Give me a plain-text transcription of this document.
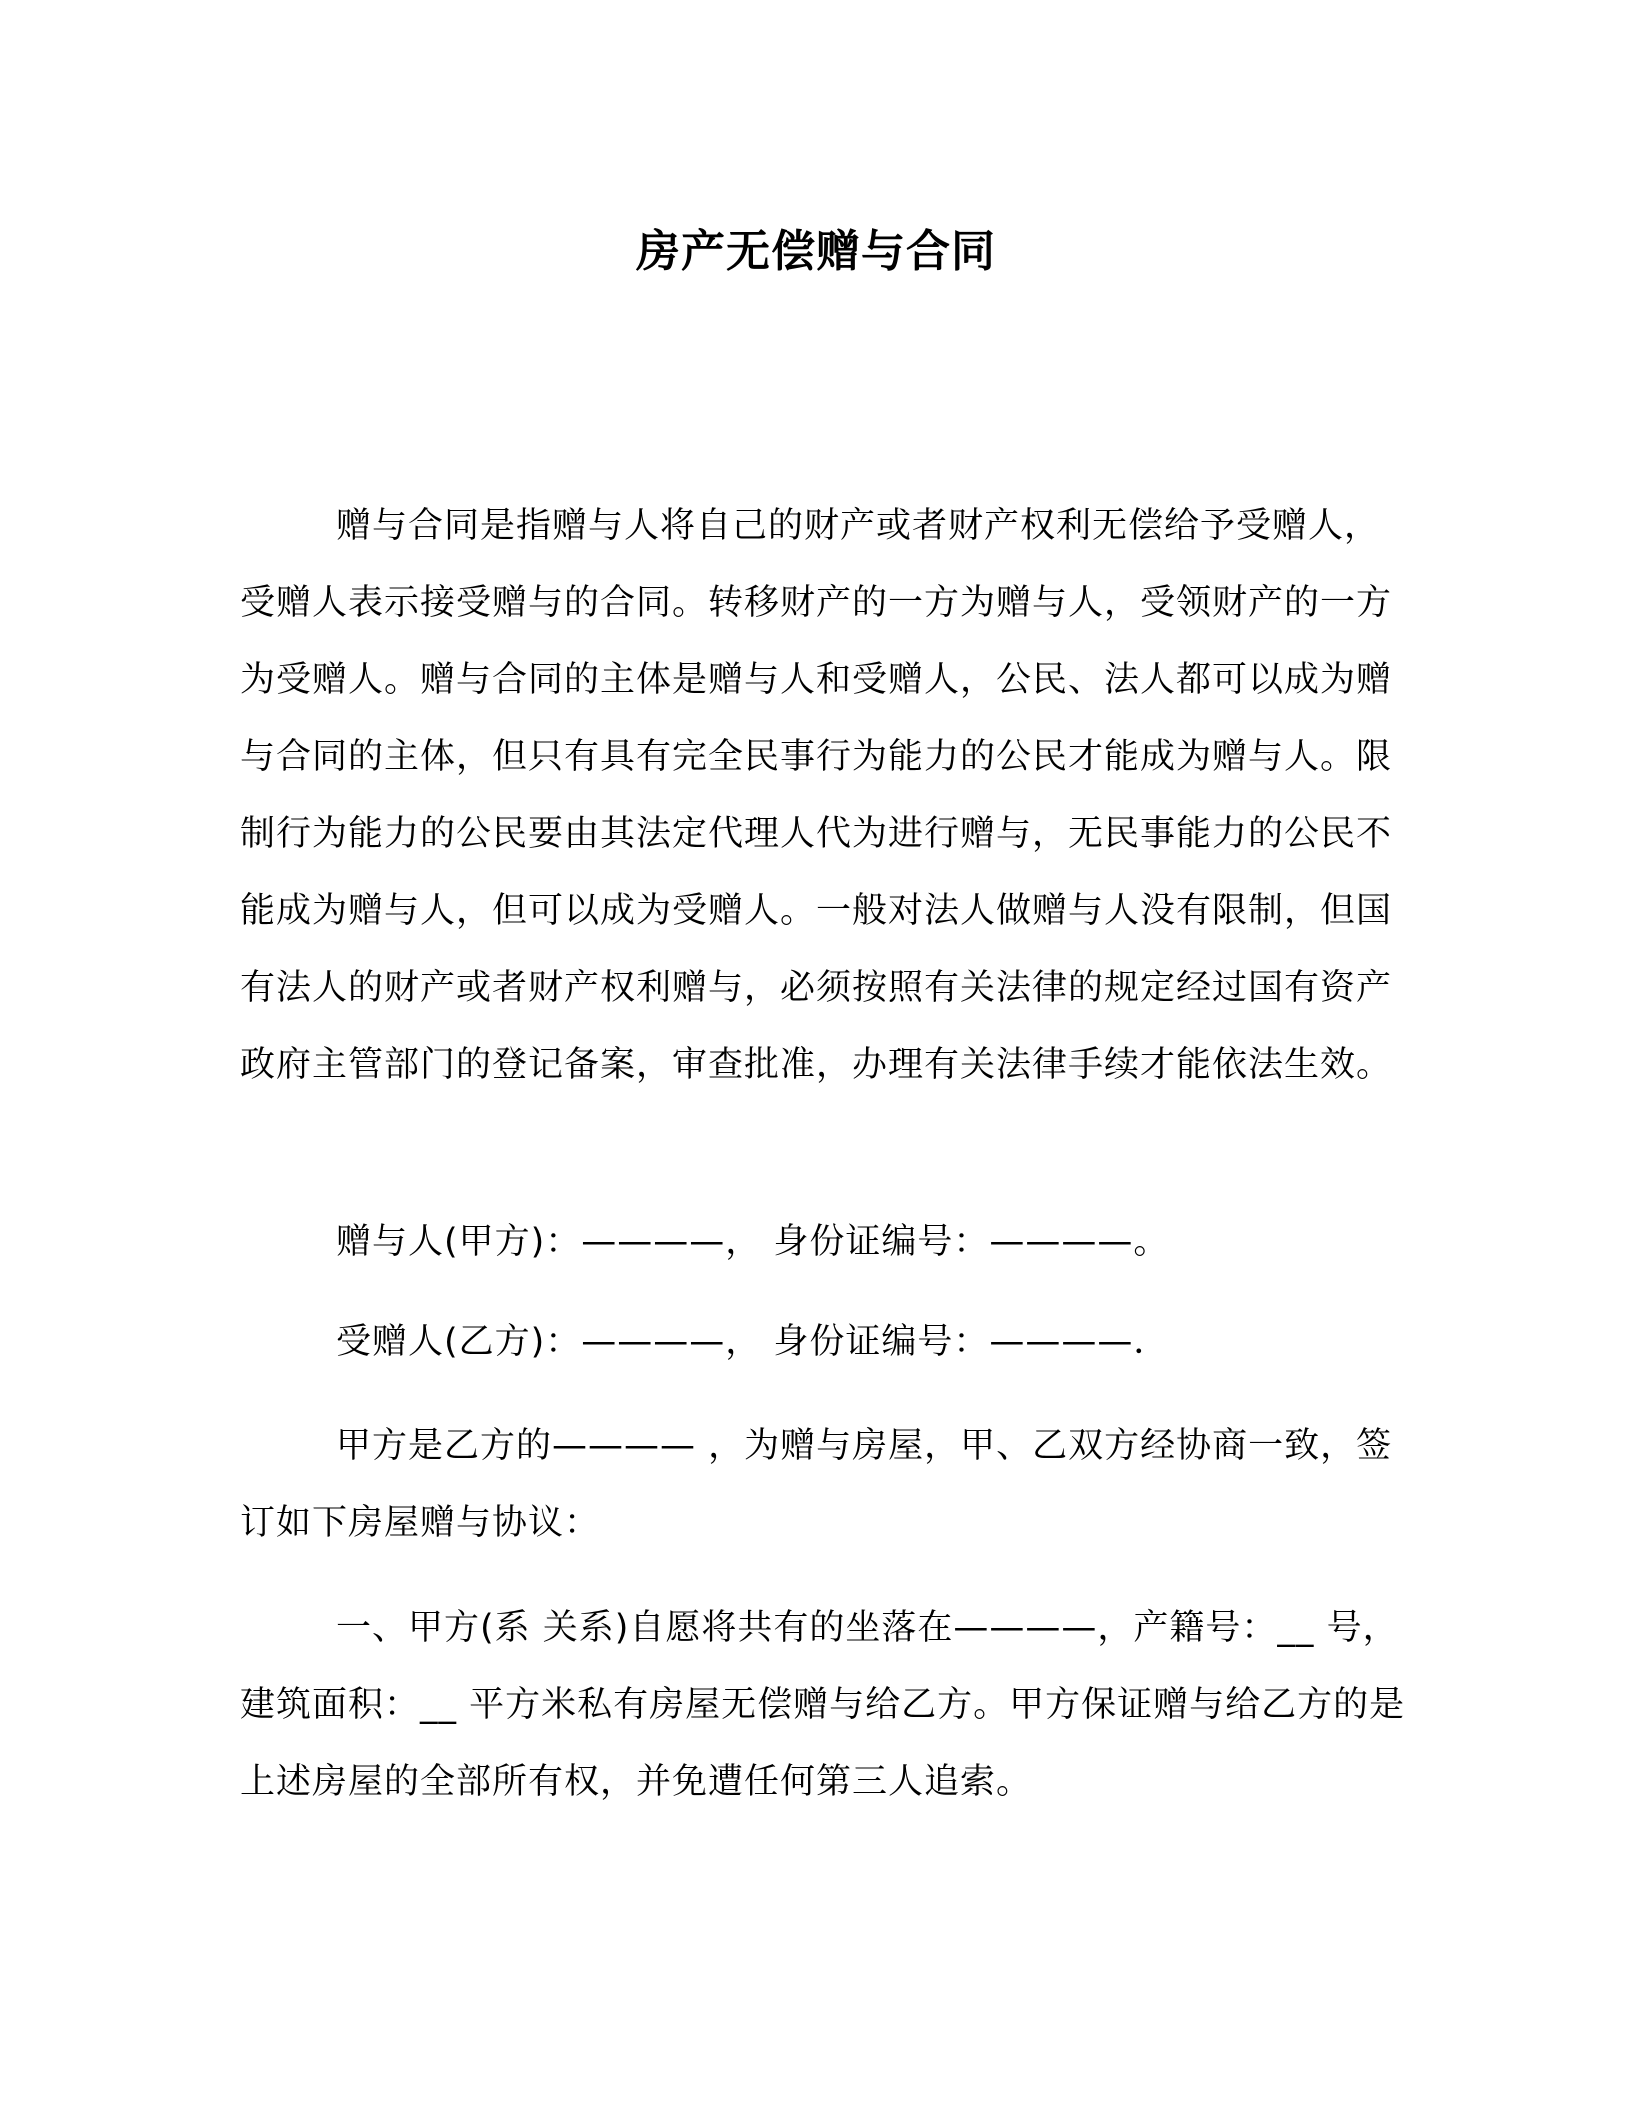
房产无偿赠与合同

赠与合同是指赠与人将自己的财产或者财产权利无偿给予受赠人，受赠人表示接受赠与的合同。转移财产的一方为赠与人，受领财产的一方为受赠人。赠与合同的主体是赠与人和受赠人，公民、法人都可以成为赠与合同的主体，但只有具有完全民事行为能力的公民才能成为赠与人。限制行为能力的公民要由其法定代理人代为进行赠与，无民事能力的公民不能成为赠与人，但可以成为受赠人。一般对法人做赠与人没有限制，但国有法人的财产或者财产权利赠与，必须按照有关法律的规定经过国有资产政府主管部门的登记备案，审查批准，办理有关法律手续才能依法生效。

赠与人(甲方)：————， 身份证编号：————。

受赠人(乙方)：————， 身份证编号：————．

甲方是乙方的———— ，为赠与房屋，甲、乙双方经协商一致，签订如下房屋赠与协议：

一、甲方(系 关系)自愿将共有的坐落在————，产籍号：__ 号，建筑面积：__ 平方米私有房屋无偿赠与给乙方。甲方保证赠与给乙方的是上述房屋的全部所有权，并免遭任何第三人追索。
